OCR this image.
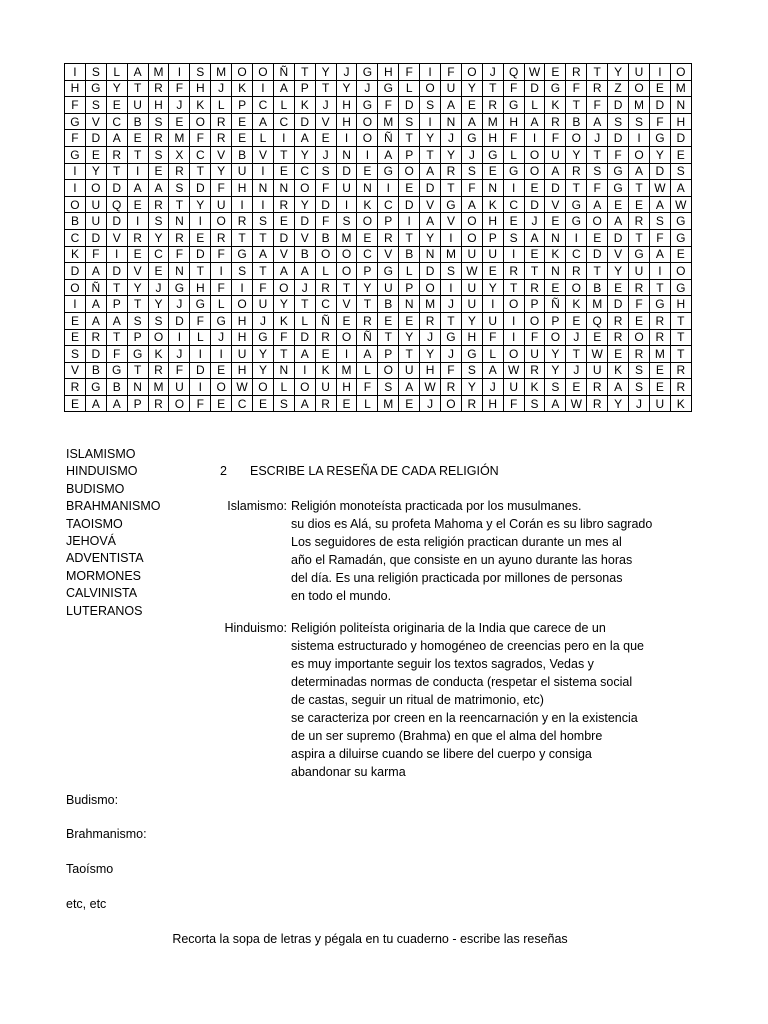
I	S	L	A	M	I	S	M	O	O	Ñ	T	Y	J	G	H	F	I	F	O	J	Q	W	E	R	T	Y	U	I	O
H	G	Y	T	R	F	H	J	K	I	A	P	T	Y	J	G	L	O	U	Y	T	F	D	G	F	R	Z	O	E	M
F	S	E	U	H	J	K	L	P	C	L	K	J	H	G	F	D	S	A	E	R	G	L	K	T	F	D	M	D	N
G	V	C	B	S	E	O	R	E	A	C	D	V	H	O	M	S	I	N	A	M	H	A	R	B	A	S	S	F	H
F	D	A	E	R	M	F	R	E	L	I	A	E	I	O	Ñ	T	Y	J	G	H	F	I	F	O	J	D	I	G	D
G	E	R	T	S	X	C	V	B	V	T	Y	J	N	I	A	P	T	Y	J	G	L	O	U	Y	T	F	O	Y	E
I	Y	T	I	E	R	T	Y	U	I	E	C	S	D	E	G	O	A	R	S	E	G	O	A	R	S	G	A	D	S
I	O	D	A	A	S	D	F	H	N	N	O	F	U	N	I	E	D	T	F	N	I	E	D	T	F	G	T	W	A
O	U	Q	E	R	T	Y	U	I	I	R	Y	D	I	K	C	D	V	G	A	K	C	D	V	G	A	E	E	A	W
B	U	D	I	S	N	I	O	R	S	E	D	F	S	O	P	I	A	V	O	H	E	J	E	G	O	A	R	S	G
C	D	V	R	Y	R	E	R	T	T	D	V	B	M	E	R	T	Y	I	O	P	S	A	N	I	E	D	T	F	G
K	F	I	E	C	F	D	F	G	A	V	B	O	O	C	V	B	N	M	U	U	I	E	K	C	D	V	G	A	E
D	A	D	V	E	N	T	I	S	T	A	A	L	O	P	G	L	D	S	W	E	R	T	N	R	T	Y	U	I	O
O	Ñ	T	Y	J	G	H	F	I	F	O	J	R	T	Y	U	P	O	I	U	Y	T	R	E	O	B	E	R	T	G
I	A	P	T	Y	J	G	L	O	U	Y	T	C	V	T	B	N	M	J	U	I	O	P	Ñ	K	M	D	F	G	H
E	A	A	S	S	D	F	G	H	J	K	L	Ñ	E	R	E	E	R	T	Y	U	I	O	P	E	Q	R	E	R	T
E	R	T	P	O	I	L	J	H	G	F	D	R	O	Ñ	T	Y	J	G	H	F	I	F	O	J	E	R	O	R	T
S	D	F	G	K	J	I	I	U	Y	T	A	E	I	A	P	T	Y	J	G	L	O	U	Y	T	W	E	R	M	T
V	B	G	T	R	F	D	E	H	Y	N	I	K	M	L	O	U	H	F	S	A	W	R	Y	J	U	K	S	E	R
R	G	B	N	M	U	I	O	W	O	L	O	U	H	F	S	A	W	R	Y	J	U	K	S	E	R	A	S	E	R
E	A	A	P	R	O	F	E	C	E	S	A	R	E	L	M	E	J	O	R	H	F	S	A	W	R	Y	J	U	K
ISLAMISMO
HINDUISMO
BUDISMO
BRAHMANISMO
TAOISMO
JEHOVÁ
ADVENTISTA
MORMONES
CALVINISTA
LUTERANOS
2 ESCRIBE LA RESEÑA DE CADA RELIGIÓN
Islamismo: Religión monoteísta practicada por los musulmanes.
su dios es Alá, su profeta Mahoma y el Corán es su libro sagrado
Los seguidores de esta religión practican durante un mes al
año el Ramadán, que consiste en un ayuno durante las horas
del día. Es una religión practicada por millones de personas
en todo el mundo.
Hinduismo: Religión politeísta originaria de la India que carece de un
sistema estructurado y homogéneo de creencias pero en la que
es muy importante seguir los textos sagrados, Vedas y
determinadas normas de conducta (respetar el sistema social
de castas, seguir un ritual de matrimonio, etc)
se caracteriza por creen en la reencarnación y en la existencia
de un ser supremo (Brahma) en que el alma del hombre
aspira a diluirse cuando se libere del cuerpo y consiga
abandonar su karma
Budismo:
Brahmanismo:
Taoísmo
etc, etc
Recorta la sopa de letras y pégala en tu cuaderno - escribe las reseñas
